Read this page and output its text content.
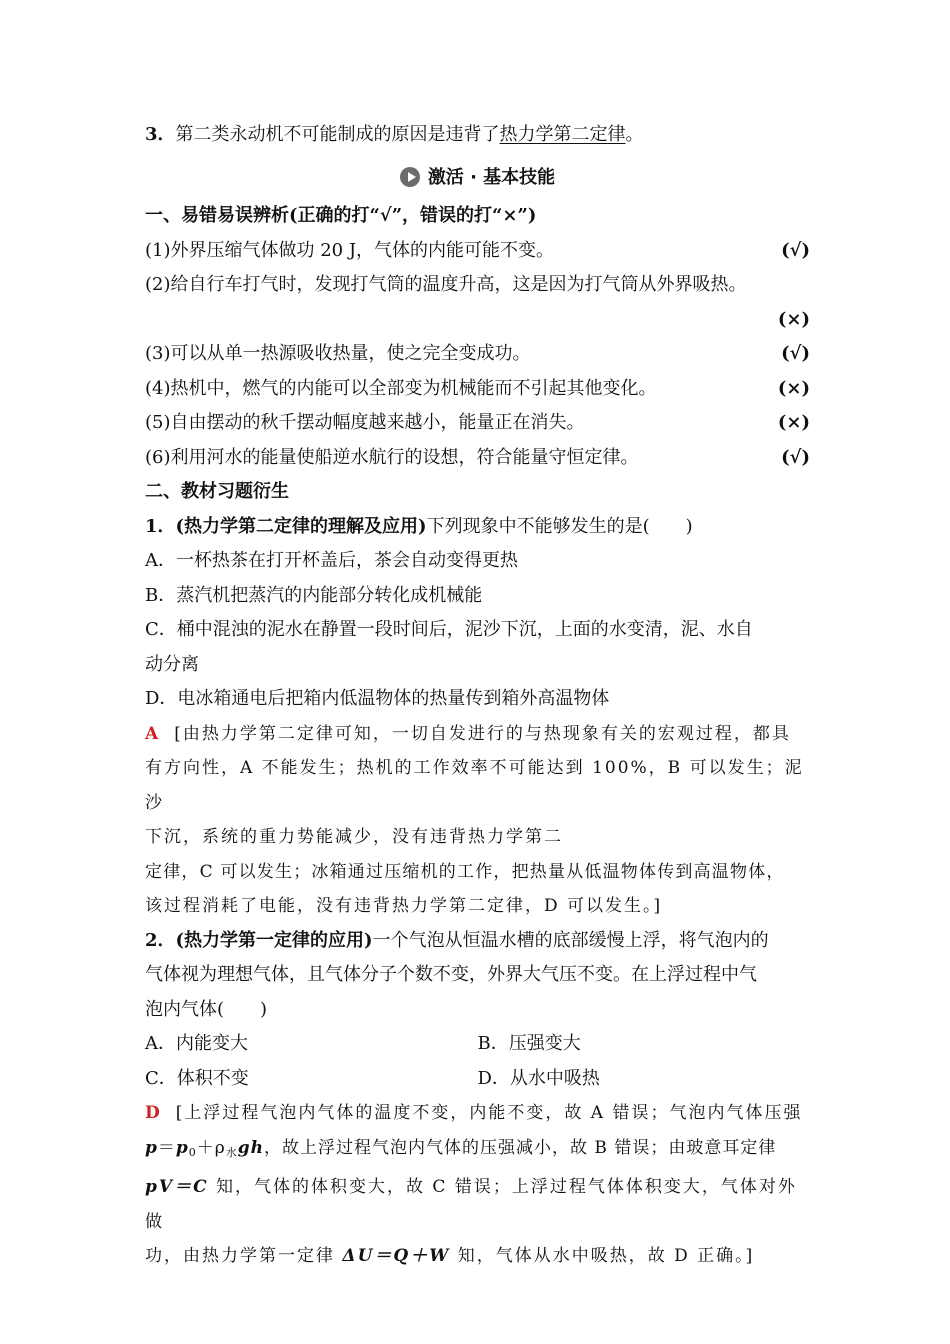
3．第二类永动机不可能制成的原因是违背了热力学第二定律。
激活 · 基本技能
一、易错易误辨析(正确的打“√”，错误的打“×”)
(1)外界压缩气体做功 20 J，气体的内能可能不变。	(√)
(2)给自行车打气时，发现打气筒的温度升高，这是因为打气筒从外界吸热。
(×)
(3)可以从单一热源吸收热量，使之完全变成功。	(√)
(4)热机中，燃气的内能可以全部变为机械能而不引起其他变化。	(×)
(5)自由摆动的秋千摆动幅度越来越小，能量正在消失。	(×)
(6)利用河水的能量使船逆水航行的设想，符合能量守恒定律。	(√)
二、教材习题衍生
1．(热力学第二定律的理解及应用)下列现象中不能够发生的是(　　)
A．一杯热茶在打开杯盖后，茶会自动变得更热
B．蒸汽机把蒸汽的内能部分转化成机械能
C．桶中混浊的泥水在静置一段时间后，泥沙下沉，上面的水变清，泥、水自
动分离
D．电冰箱通电后把箱内低温物体的热量传到箱外高温物体
A [由热力学第二定律可知，一切自发进行的与热现象有关的宏观过程，都具
有方向性，A 不能发生；热机的工作效率不可能达到 100%，B 可以发生；泥沙
下沉，系统的重力势能减少，没有违背热力学第二
定律，C 可以发生；冰箱通过压缩机的工作，把热量从低温物体传到高温物体，
该过程消耗了电能，没有违背热力学第二定律，D 可以发生。]
2．(热力学第一定律的应用)一个气泡从恒温水槽的底部缓慢上浮，将气泡内的
气体视为理想气体，且气体分子个数不变，外界大气压不变。在上浮过程中气
泡内气体(　　)
A．内能变大	B．压强变大
C．体积不变	D．从水中吸热
D [上浮过程气泡内气体的温度不变，内能不变，故 A 错误；气泡内气体压强
$p=p_0+\rho_水gh$，故上浮过程气泡内气体的压强减小，故 B 错误；由玻意耳定律
pV＝C 知，气体的体积变大，故 C 错误；上浮过程气体体积变大，气体对外做
功，由热力学第一定律 ΔU＝Q＋W 知，气体从水中吸热，故 D 正确。]
